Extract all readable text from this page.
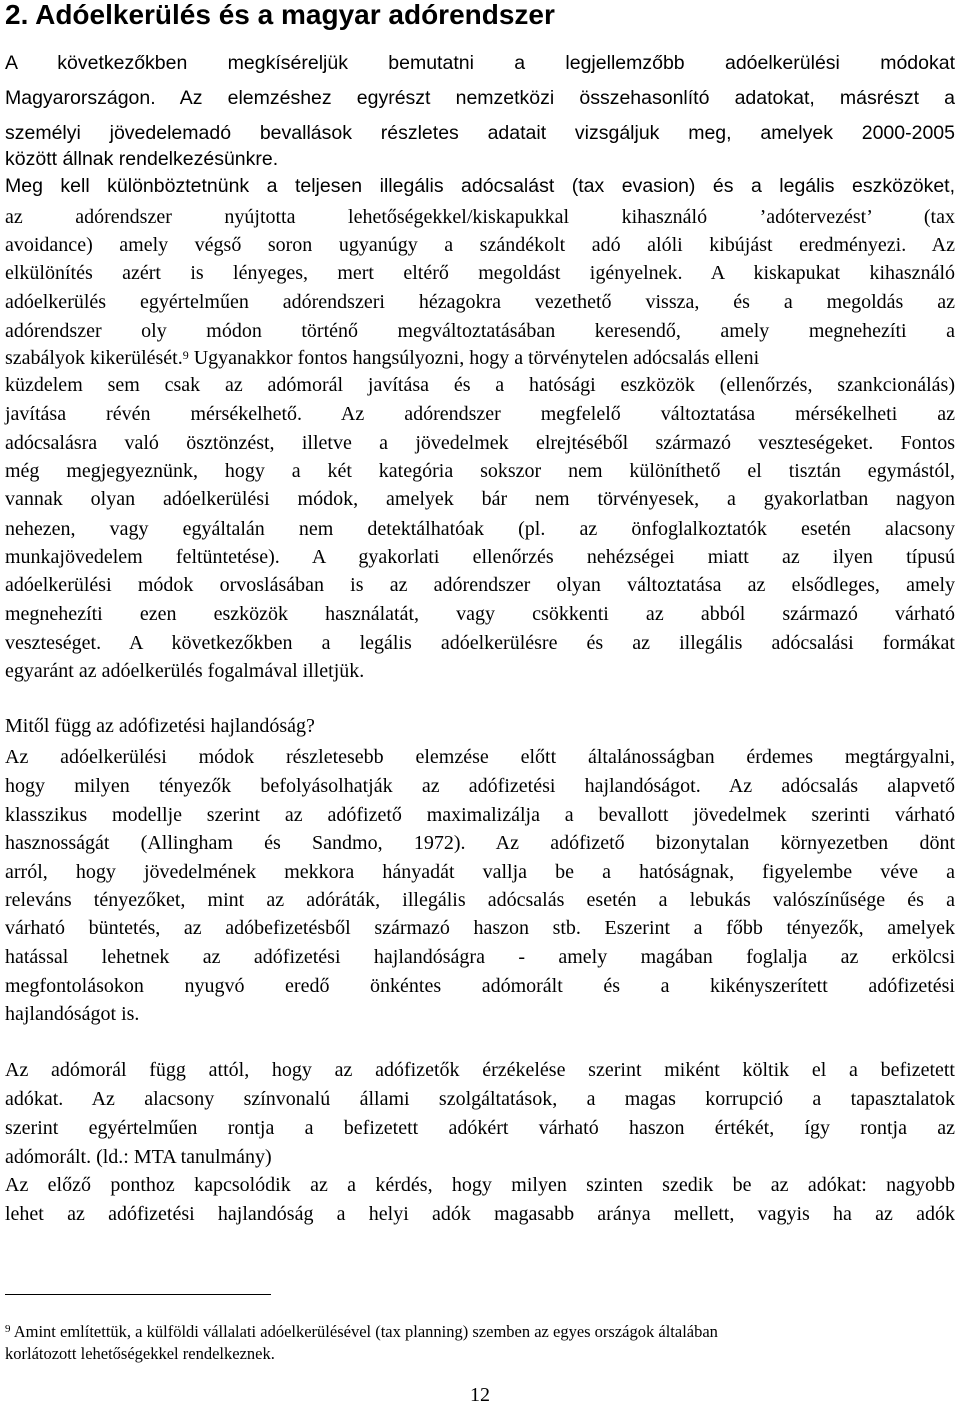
2. Adóelkerülés és a magyar adórendszer
A következőkben megkíséreljük bemutatni a legjellemzőbb adóelkerülési módokat
Magyarországon. Az elemzéshez egyrészt nemzetközi összehasonlító adatokat, másrészt a
személyi jövedelemadó bevallások részletes adatait vizsgáljuk meg, amelyek 2000-2005
között állnak rendelkezésünkre.
Meg kell különböztetnünk a teljesen illegális adócsalást (tax evasion) és a legális eszközöket,
az adórendszer nyújtotta lehetőségekkel/kiskapukkal kihasználó ’adótervezést’ (tax
avoidance) amely végső soron ugyanúgy a szándékolt adó alóli kibújást eredményezi. Az
elkülönítés azért is lényeges, mert eltérő megoldást igényelnek. A kiskapukat kihasználó
adóelkerülés egyértelműen adórendszeri hézagokra vezethető vissza, és a megoldás az
adórendszer oly módon történő megváltoztatásában keresendő, amely megnehezíti a
szabályok kikerülését.$^9$ Ugyanakkor fontos hangsúlyozni, hogy a törvénytelen adócsalás elleni
küzdelem sem csak az adómorál javítása és a hatósági eszközök (ellenőrzés, szankcionálás)
javítása révén mérsékelhető. Az adórendszer megfelelő változtatása mérsékelheti az
adócsalásra való ösztönzést, illetve a jövedelmek elrejtéséből származó veszteségeket. Fontos
még megjegyeznünk, hogy a két kategória sokszor nem különíthető el tisztán egymástól,
vannak olyan adóelkerülési módok, amelyek bár nem törvényesek, a gyakorlatban nagyon
nehezen, vagy egyáltalán nem detektálhatóak (pl. az önfoglalkoztatók esetén alacsony
munkajövedelem feltüntetése). A gyakorlati ellenőrzés nehézségei miatt az ilyen típusú
adóelkerülési módok orvoslásában is az adórendszer olyan változtatása az elsődleges, amely
megnehezíti ezen eszközök használatát, vagy csökkenti az abból származó várható
veszteséget. A következőkben a legális adóelkerülésre és az illegális adócsalási formákat
egyaránt az adóelkerülés fogalmával illetjük.
Mitől függ az adófizetési hajlandóság?
Az adóelkerülési módok részletesebb elemzése előtt általánosságban érdemes megtárgyalni,
hogy milyen tényezők befolyásolhatják az adófizetési hajlandóságot. Az adócsalás alapvető
klasszikus modellje szerint az adófizető maximalizálja a bevallott jövedelmek szerinti várható
hasznosságát (Allingham és Sandmo, 1972). Az adófizető bizonytalan környezetben dönt
arról, hogy jövedelmének mekkora hányadát vallja be a hatóságnak, figyelembe véve a
releváns tényezőket, mint az adóráták, illegális adócsalás esetén a lebukás valószínűsége és a
várható büntetés, az adóbefizetésből származó haszon stb. Eszerint a főbb tényezők, amelyek
hatással lehetnek az adófizetési hajlandóságra - amely magában foglalja az erkölcsi
megfontolásokon nyugvó eredő önkéntes adómorált és a kikényszerített adófizetési
hajlandóságot is.
Az adómorál függ attól, hogy az adófizetők érzékelése szerint miként költik el a befizetett
adókat. Az alacsony színvonalú állami szolgáltatások, a magas korrupció a tapasztalatok
szerint egyértelműen rontja a befizetett adókért várható haszon értékét, így rontja az
adómorált. (ld.: MTA tanulmány)
Az előző ponthoz kapcsolódik az a kérdés, hogy milyen szinten szedik be az adókat: nagyobb
lehet az adófizetési hajlandóság a helyi adók magasabb aránya mellett, vagyis ha az adók
$^9$ Amint említettük, a külföldi vállalati adóelkerülésével (tax planning) szemben az egyes országok általában
korlátozott lehetőségekkel rendelkeznek.
12
